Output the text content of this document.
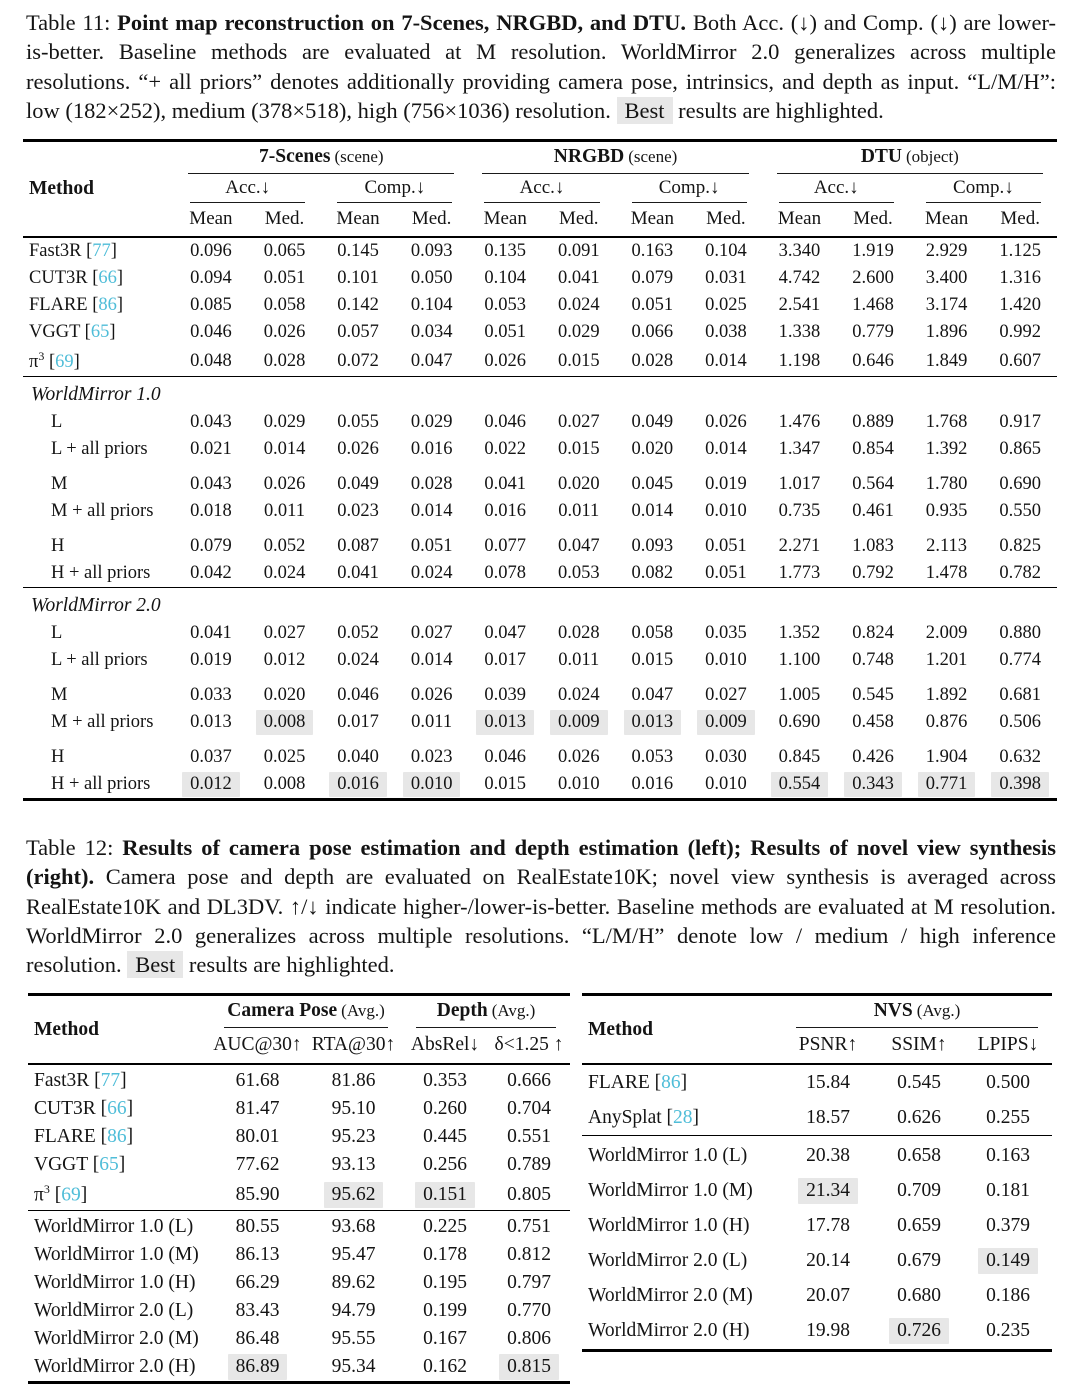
Table 11: Point map reconstruction on 7-Scenes, NRGBD, and DTU. Both Acc. (↓) and Comp. (↓) are lower-is-better. Baseline methods are evaluated at M resolution. WorldMirror 2.0 generalizes across multiple resolutions. “+ all priors” denotes additionally providing camera pose, intrinsics, and depth as input. “L/M/H”: low (182×252), medium (378×518), high (756×1036) resolution. Best results are highlighted.

Method	7-Scenes (scene)				NRGBD (scene)				DTU (object)			

	Acc.↓		Comp.↓		Acc.↓		Comp.↓		Acc.↓		Comp.↓	

	Mean	Med.	Mean	Med.	Mean	Med.	Mean	Med.	Mean	Med.	Mean	Med.
Fast3R [77]	0.096	0.065	0.145	0.093	0.135	0.091	0.163	0.104	3.340	1.919	2.929	1.125
CUT3R [66]	0.094	0.051	0.101	0.050	0.104	0.041	0.079	0.031	4.742	2.600	3.400	1.316
FLARE [86]	0.085	0.058	0.142	0.104	0.053	0.024	0.051	0.025	2.541	1.468	3.174	1.420
VGGT [65]	0.046	0.026	0.057	0.034	0.051	0.029	0.066	0.038	1.338	0.779	1.896	0.992
$\pi^3$ [69]	0.048	0.028	0.072	0.047	0.026	0.015	0.028	0.014	1.198	0.646	1.849	0.607
WorldMirror 1.0												
L	0.043	0.029	0.055	0.029	0.046	0.027	0.049	0.026	1.476	0.889	1.768	0.917
L + all priors	0.021	0.014	0.026	0.016	0.022	0.015	0.020	0.014	1.347	0.854	1.392	0.865
M	0.043	0.026	0.049	0.028	0.041	0.020	0.045	0.019	1.017	0.564	1.780	0.690
M + all priors	0.018	0.011	0.023	0.014	0.016	0.011	0.014	0.010	0.735	0.461	0.935	0.550
H	0.079	0.052	0.087	0.051	0.077	0.047	0.093	0.051	2.271	1.083	2.113	0.825
H + all priors	0.042	0.024	0.041	0.024	0.078	0.053	0.082	0.051	1.773	0.792	1.478	0.782
WorldMirror 2.0												
L	0.041	0.027	0.052	0.027	0.047	0.028	0.058	0.035	1.352	0.824	2.009	0.880
L + all priors	0.019	0.012	0.024	0.014	0.017	0.011	0.015	0.010	1.100	0.748	1.201	0.774
M	0.033	0.020	0.046	0.026	0.039	0.024	0.047	0.027	1.005	0.545	1.892	0.681
M + all priors	0.013	0.008	0.017	0.011	0.013	0.009	0.013	0.009	0.690	0.458	0.876	0.506
H	0.037	0.025	0.040	0.023	0.046	0.026	0.053	0.030	0.845	0.426	1.904	0.632
H + all priors	0.012	0.008	0.016	0.010	0.015	0.010	0.016	0.010	0.554	0.343	0.771	0.398

Table 12: Results of camera pose estimation and depth estimation (left); Results of novel view synthesis (right). Camera pose and depth are evaluated on RealEstate10K; novel view synthesis is averaged across RealEstate10K and DL3DV. ↑/↓ indicate higher-/lower-is-better. Baseline methods are evaluated at M resolution. WorldMirror 2.0 generalizes across multiple resolutions. “L/M/H” denote low / medium / high inference resolution. Best results are highlighted.

Method	Camera Pose (Avg.)		Depth (Avg.)	

	AUC@30↑	RTA@30↑	AbsRel↓	δ<1.25 ↑
Fast3R [77]	61.68	81.86	0.353	0.666
CUT3R [66]	81.47	95.10	0.260	0.704
FLARE [86]	80.01	95.23	0.445	0.551
VGGT [65]	77.62	93.13	0.256	0.789
$\pi^3$ [69]	85.90	95.62	0.151	0.805
WorldMirror 1.0 (L)	80.55	93.68	0.225	0.751
WorldMirror 1.0 (M)	86.13	95.47	0.178	0.812
WorldMirror 1.0 (H)	66.29	89.62	0.195	0.797
WorldMirror 2.0 (L)	83.43	94.79	0.199	0.770
WorldMirror 2.0 (M)	86.48	95.55	0.167	0.806
WorldMirror 2.0 (H)	86.89	95.34	0.162	0.815
Method	NVS (Avg.)		

	PSNR↑	SSIM↑	LPIPS↓
FLARE [86]	15.84	0.545	0.500
AnySplat [28]	18.57	0.626	0.255
WorldMirror 1.0 (L)	20.38	0.658	0.163
WorldMirror 1.0 (M)	21.34	0.709	0.181
WorldMirror 1.0 (H)	17.78	0.659	0.379
WorldMirror 2.0 (L)	20.14	0.679	0.149
WorldMirror 2.0 (M)	20.07	0.680	0.186
WorldMirror 2.0 (H)	19.98	0.726	0.235
